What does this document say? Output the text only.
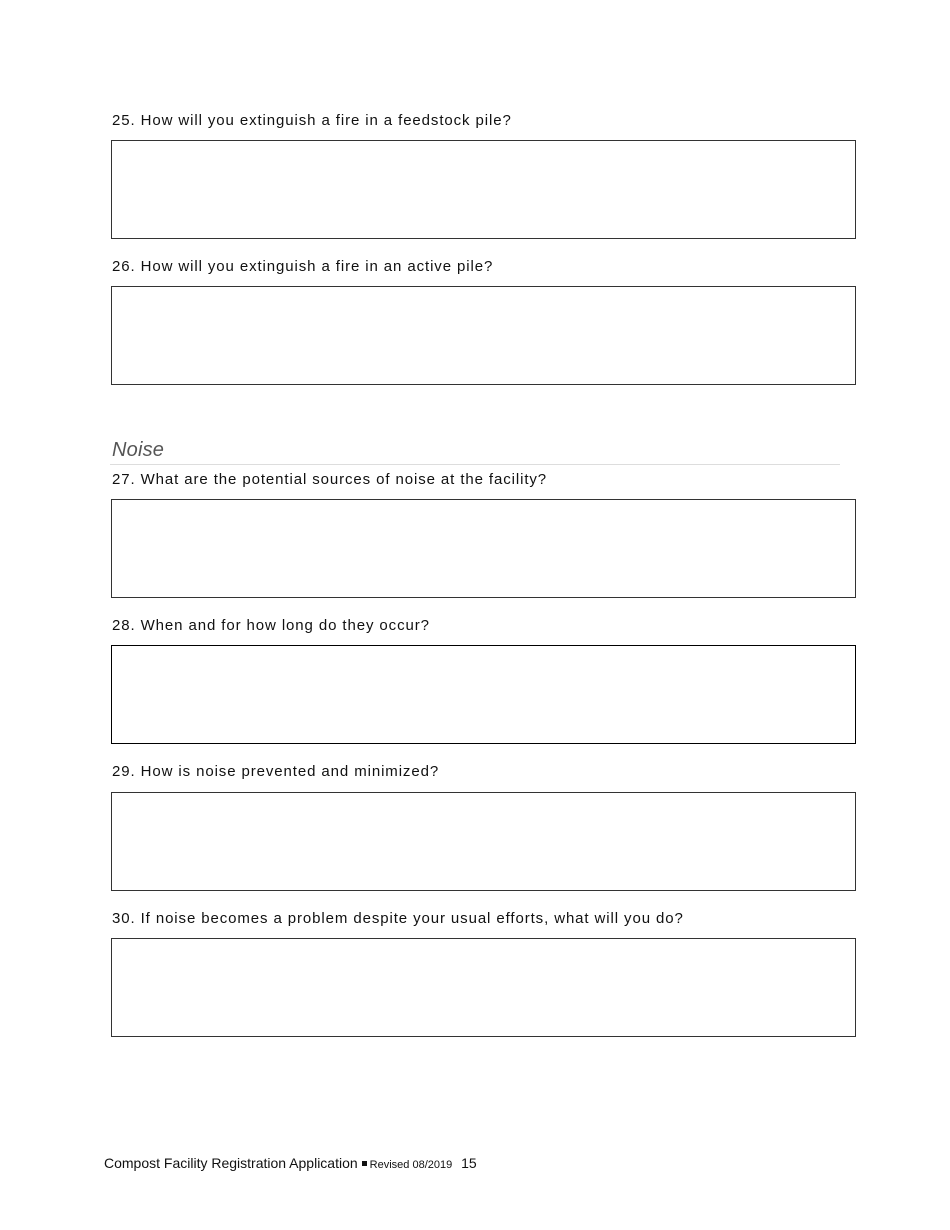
25. How will you extinguish a fire in a feedstock pile?
26. How will you extinguish a fire in an active pile?
Noise
27. What are the potential sources of noise at the facility?
28. When and for how long do they occur?
29. How is noise prevented and minimized?
30. If noise becomes a problem despite your usual efforts, what will you do?
Compost Facility Registration Application Revised 08/2019 15
